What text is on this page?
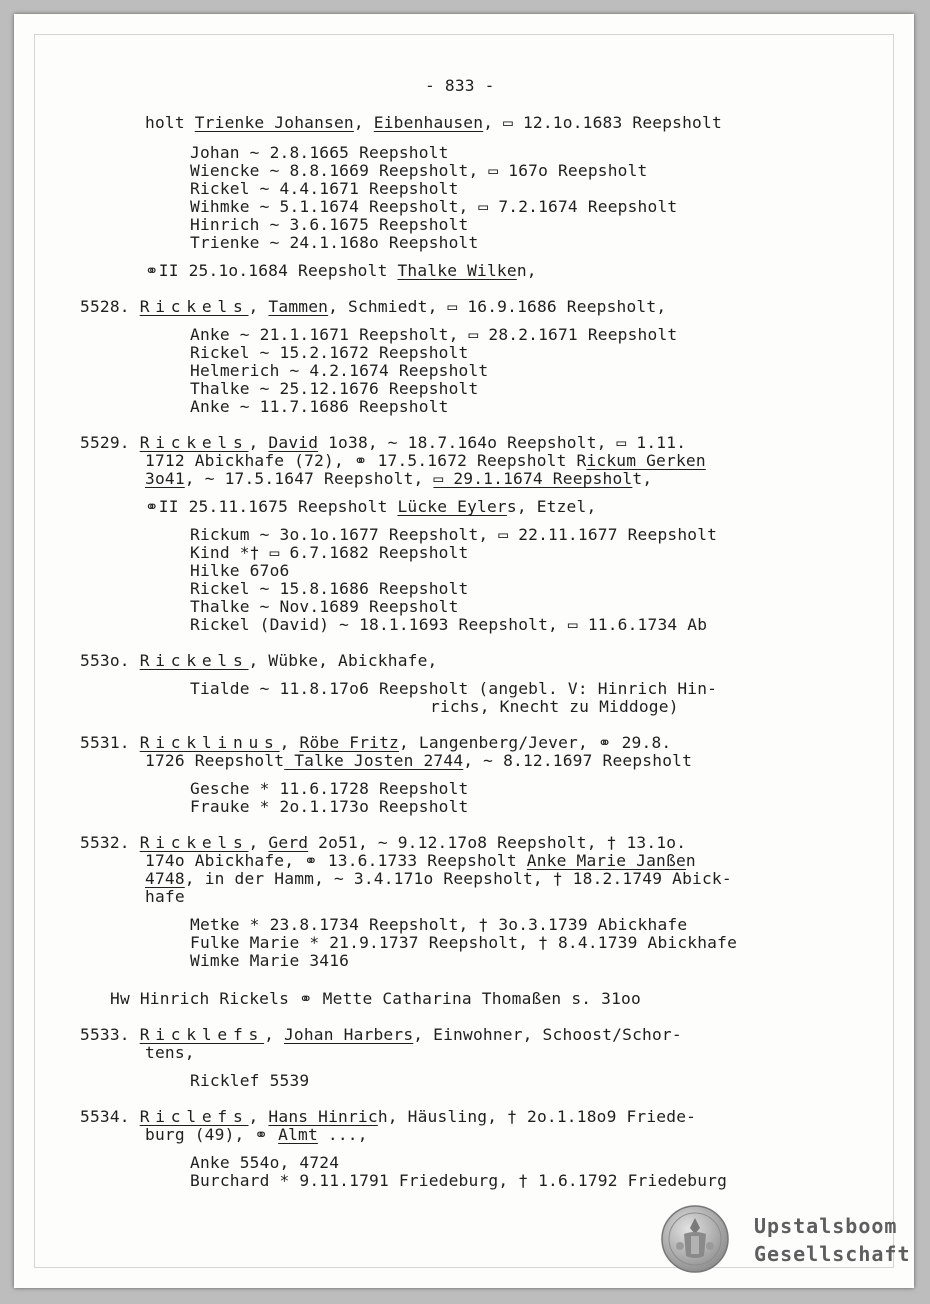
holt Trienke Johansen, Eibenhausen, ▭ 12.1o.1683 Reepsholt
Johan ~ 2.8.1665 Reepsholt
Wiencke ~ 8.8.1669 Reepsholt, ▭ 167o Reepsholt
Rickel ~ 4.4.1671 Reepsholt
Wihmke ~ 5.1.1674 Reepsholt, ▭ 7.2.1674 Reepsholt
Hinrich ~ 3.6.1675 Reepsholt
Trienke ~ 24.1.168o Reepsholt
⚭II 25.1o.1684 Reepsholt Thalke Wilken,
5528. Rickels, Tammen, Schmiedt, ▭ 16.9.1686 Reepsholt,
Anke ~ 21.1.1671 Reepsholt, ▭ 28.2.1671 Reepsholt
Rickel ~ 15.2.1672 Reepsholt
Helmerich ~ 4.2.1674 Reepsholt
Thalke ~ 25.12.1676 Reepsholt
Anke ~ 11.7.1686 Reepsholt
5529. Rickels, David 1o38, ~ 18.7.164o Reepsholt, ▭ 1.11.
1712 Abickhafe (72), ⚭ 17.5.1672 Reepsholt Rickum Gerken
3o41, ~ 17.5.1647 Reepsholt, ▭ 29.1.1674 Reepsholt,
⚭II 25.11.1675 Reepsholt Lücke Eylers, Etzel,
Rickum ~ 3o.1o.1677 Reepsholt, ▭ 22.11.1677 Reepsholt
Kind *† ▭ 6.7.1682 Reepsholt
Hilke 67o6
Rickel ~ 15.8.1686 Reepsholt
Thalke ~ Nov.1689 Reepsholt
Rickel (David) ~ 18.1.1693 Reepsholt, ▭ 11.6.1734 Ab
553o. Rickels, Wübke, Abickhafe,
Tialde ~ 11.8.17o6 Reepsholt (angebl. V: Hinrich Hin-
richs, Knecht zu Middoge)
5531. Ricklinus, Röbe Fritz, Langenberg/Jever, ⚭ 29.8.
1726 Reepsholt Talke Josten 2744, ~ 8.12.1697 Reepsholt
Gesche * 11.6.1728 Reepsholt
Frauke * 2o.1.173o Reepsholt
5532. Rickels, Gerd 2o51, ~ 9.12.17o8 Reepsholt, † 13.1o.
174o Abickhafe, ⚭ 13.6.1733 Reepsholt Anke Marie Janßen
4748, in der Hamm, ~ 3.4.171o Reepsholt, † 18.2.1749 Abick-
hafe
Metke * 23.8.1734 Reepsholt, † 3o.3.1739 Abickhafe
Fulke Marie * 21.9.1737 Reepsholt, † 8.4.1739 Abickhafe
Wimke Marie 3416
Hw Hinrich Rickels ⚭ Mette Catharina Thomaßen s. 31oo
5533. Ricklefs, Johan Harbers, Einwohner, Schoost/Schor-
tens,
Ricklef 5539
5534. Riclefs, Hans Hinrich, Häusling, † 2o.1.18o9 Friede-
burg (49), ⚭ Almt ...,
Anke 554o, 4724
Burchard * 9.11.1791 Friedeburg, † 1.6.1792 Friedeburg
- 833 -
Upstalsboom
Gesellschaft
